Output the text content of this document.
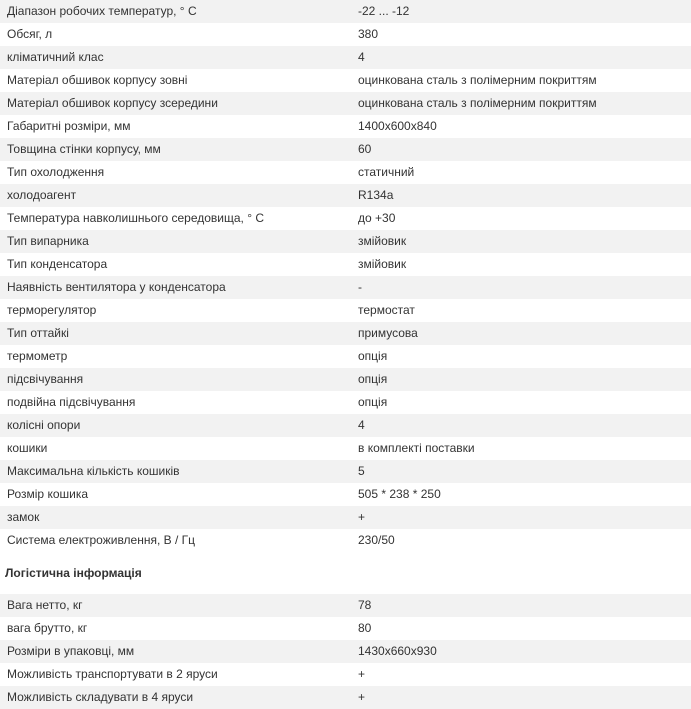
Діапазон робочих температур, ° С	-22 ... -12
Обсяг, л	380
кліматичний клас	4
Матеріал обшивок корпусу зовні	оцинкована сталь з полімерним покриттям
Матеріал обшивок корпусу зсередини	оцинкована сталь з полімерним покриттям
Габаритні розміри, мм	1400х600х840
Товщина стінки корпусу, мм	60
Тип охолодження	статичний
холодоагент	R134a
Температура навколишнього середовища, ° С	до +30
Тип випарника	змійовик
Тип конденсатора	змійовик
Наявність вентилятора у конденсатора	-
терморегулятор	термостат
Тип оттайкі	примусова
термометр	опція
підсвічування	опція
подвійна підсвічування	опція
колісні опори	4
кошики	в комплекті поставки
Максимальна кількість кошиків	5
Розмір кошика	505 * 238 * 250
замок	+
Система електроживлення, В / Гц	230/50
Логістична інформація
Вага нетто, кг	78
вага брутто, кг	80
Розміри в упаковці, мм	1430х660х930
Можливість транспортувати в 2 яруси	+
Можливість складувати в 4 яруси	+
